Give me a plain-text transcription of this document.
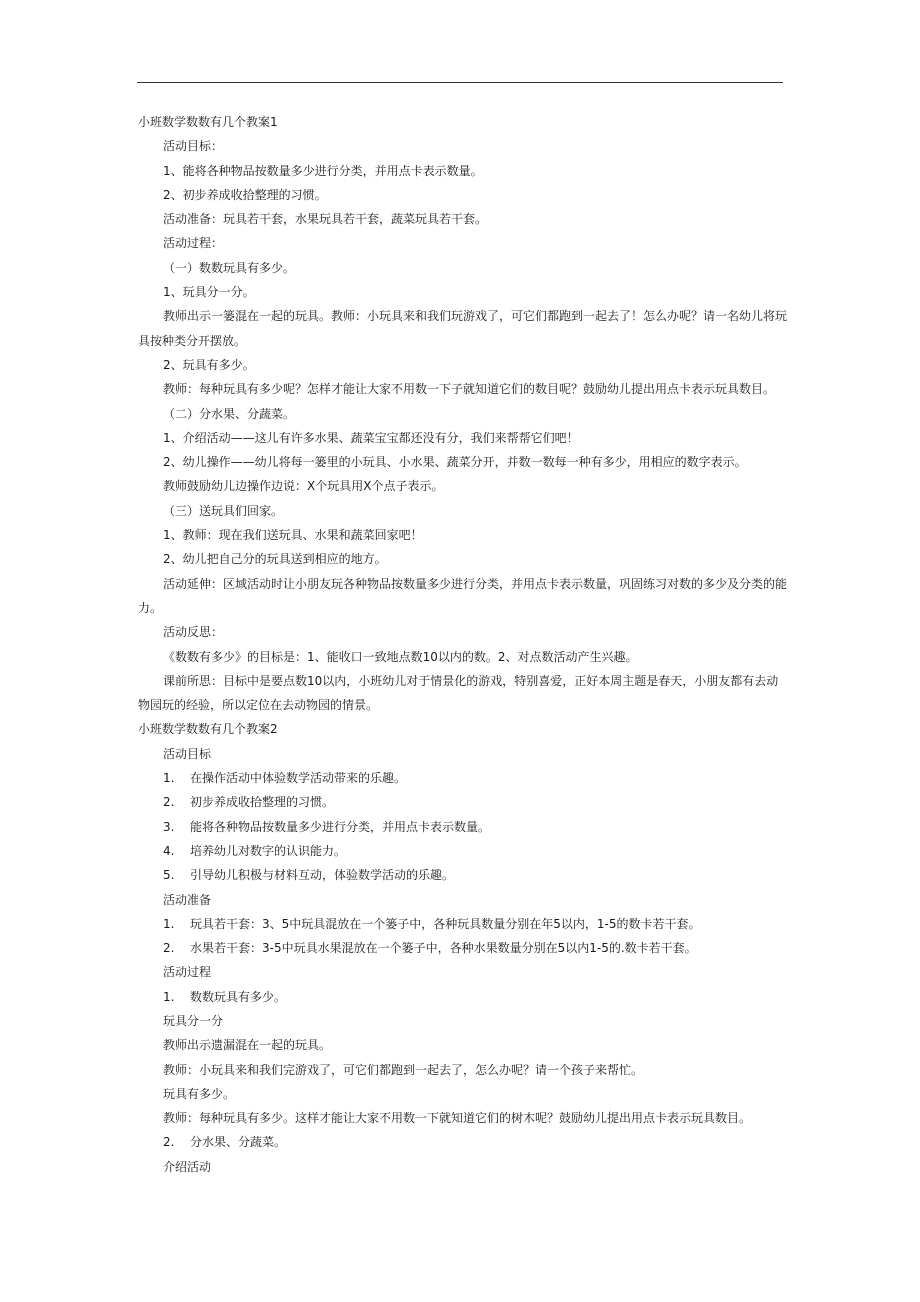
小班数学数数有几个教案1

活动目标：

1、能将各种物品按数量多少进行分类，并用点卡表示数量。

2、初步养成收拾整理的习惯。

活动准备：玩具若干套，水果玩具若干套，蔬菜玩具若干套。

活动过程：

（一）数数玩具有多少。

1、玩具分一分。

教师出示一篓混在一起的玩具。教师：小玩具来和我们玩游戏了，可它们都跑到一起去了！怎么办呢？请一名幼儿将玩具按种类分开摆放。

2、玩具有多少。

教师：每种玩具有多少呢？怎样才能让大家不用数一下子就知道它们的数目呢？鼓励幼儿提出用点卡表示玩具数目。

（二）分水果、分蔬菜。

1、介绍活动——这儿有许多水果、蔬菜宝宝都还没有分，我们来帮帮它们吧！

2、幼儿操作——幼儿将每一篓里的小玩具、小水果、蔬菜分开，并数一数每一种有多少，用相应的数字表示。

教师鼓励幼儿边操作边说：X个玩具用X个点子表示。

（三）送玩具们回家。

1、教师：现在我们送玩具、水果和蔬菜回家吧！

2、幼儿把自己分的玩具送到相应的地方。

活动延伸：区域活动时让小朋友玩各种物品按数量多少进行分类，并用点卡表示数量，巩固练习对数的多少及分类的能力。

活动反思：

《数数有多少》的目标是：1、能收口一致地点数10以内的数。2、对点数活动产生兴趣。

课前所思：目标中是要点数10以内，小班幼儿对于情景化的游戏，特别喜爱，正好本周主题是春天，小朋友都有去动物园玩的经验，所以定位在去动物园的情景。

小班数学数数有几个教案2

活动目标

1. 在操作活动中体验数学活动带来的乐趣。

2. 初步养成收拾整理的习惯。

3. 能将各种物品按数量多少进行分类，并用点卡表示数量。

4. 培养幼儿对数字的认识能力。

5. 引导幼儿积极与材料互动，体验数学活动的乐趣。

活动准备

1. 玩具若干套：3、5中玩具混放在一个篓子中，各种玩具数量分别在年5以内，1-5的数卡若干套。

2. 水果若干套：3-5中玩具水果混放在一个篓子中，各种水果数量分别在5以内1-5的.数卡若干套。

活动过程

1. 数数玩具有多少。

玩具分一分

教师出示遗漏混在一起的玩具。

教师：小玩具来和我们完游戏了，可它们都跑到一起去了，怎么办呢？请一个孩子来帮忙。

玩具有多少。

教师：每种玩具有多少。这样才能让大家不用数一下就知道它们的树木呢？鼓励幼儿提出用点卡表示玩具数目。

2. 分水果、分蔬菜。

介绍活动
